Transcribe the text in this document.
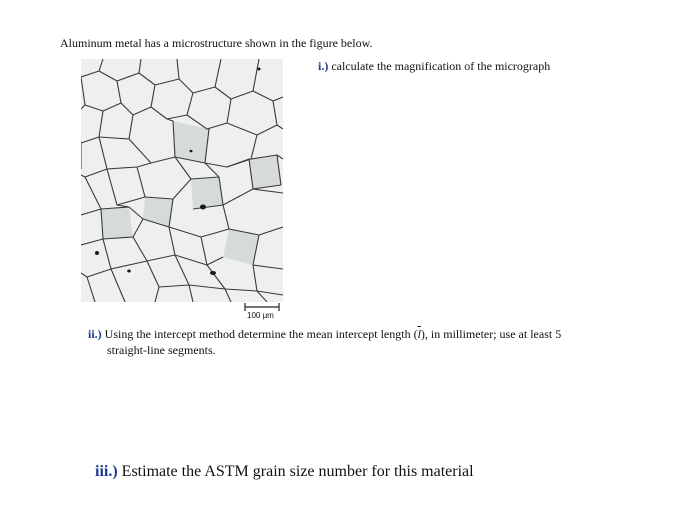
Aluminum metal has a microstructure shown in the figure below.
i.) calculate the magnification of the micrograph
100 μm
ii.) Using the intercept method determine the mean intercept length $(\overline{l})$, in millimeter; use at least 5
straight-line segments.
iii.) Estimate the ASTM grain size number for this material
